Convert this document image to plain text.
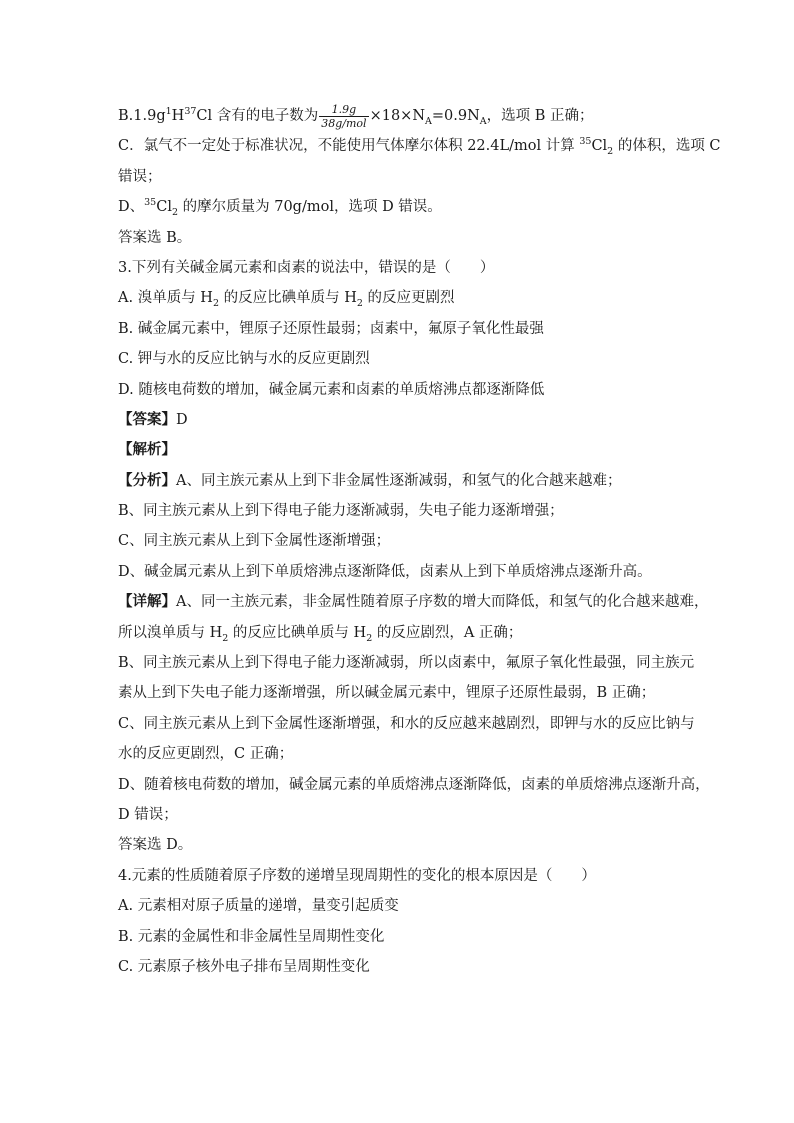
$B.1.9g^1H^{37}Cl$ 含有的电子数为 $\frac{1.9g}{\text{38g/mol}} \times 18\times N_A=0.9N_A$，选项 B 正确；
C．氯气不一定处于标准状况，不能使用气体摩尔体积 22.4L/mol 计算 $^{35}Cl_2$ 的体积，选项 C
错误；
D、$^{35}Cl_2$ 的摩尔质量为 70g/mol，选项 D 错误。
答案选 B。
3.下列有关碱金属元素和卤素的说法中，错误的是（　　）
A. 溴单质与 $H_2$ 的反应比碘单质与 $H_2$ 的反应更剧烈
B. 碱金属元素中，锂原子还原性最弱；卤素中，氟原子氧化性最强
C. 钾与水的反应比钠与水的反应更剧烈
D. 随核电荷数的增加，碱金属元素和卤素的单质熔沸点都逐渐降低
【答案】D
【解析】
【分析】A、同主族元素从上到下非金属性逐渐减弱，和氢气的化合越来越难；
B、同主族元素从上到下得电子能力逐渐减弱，失电子能力逐渐增强；
C、同主族元素从上到下金属性逐渐增强；
D、碱金属元素从上到下单质熔沸点逐渐降低，卤素从上到下单质熔沸点逐渐升高。
【详解】A、同一主族元素，非金属性随着原子序数的增大而降低，和氢气的化合越来越难，
所以溴单质与 $H_2$ 的反应比碘单质与 $H_2$ 的反应剧烈，A 正确；
B、同主族元素从上到下得电子能力逐渐减弱，所以卤素中，氟原子氧化性最强，同主族元
素从上到下失电子能力逐渐增强，所以碱金属元素中，锂原子还原性最弱，B 正确；
C、同主族元素从上到下金属性逐渐增强，和水的反应越来越剧烈，即钾与水的反应比钠与
水的反应更剧烈，C 正确；
D、随着核电荷数的增加，碱金属元素的单质熔沸点逐渐降低，卤素的单质熔沸点逐渐升高，
D 错误；
答案选 D。
4.元素的性质随着原子序数的递增呈现周期性的变化的根本原因是（　　）
A. 元素相对原子质量的递增，量变引起质变
B. 元素的金属性和非金属性呈周期性变化
C. 元素原子核外电子排布呈周期性变化
